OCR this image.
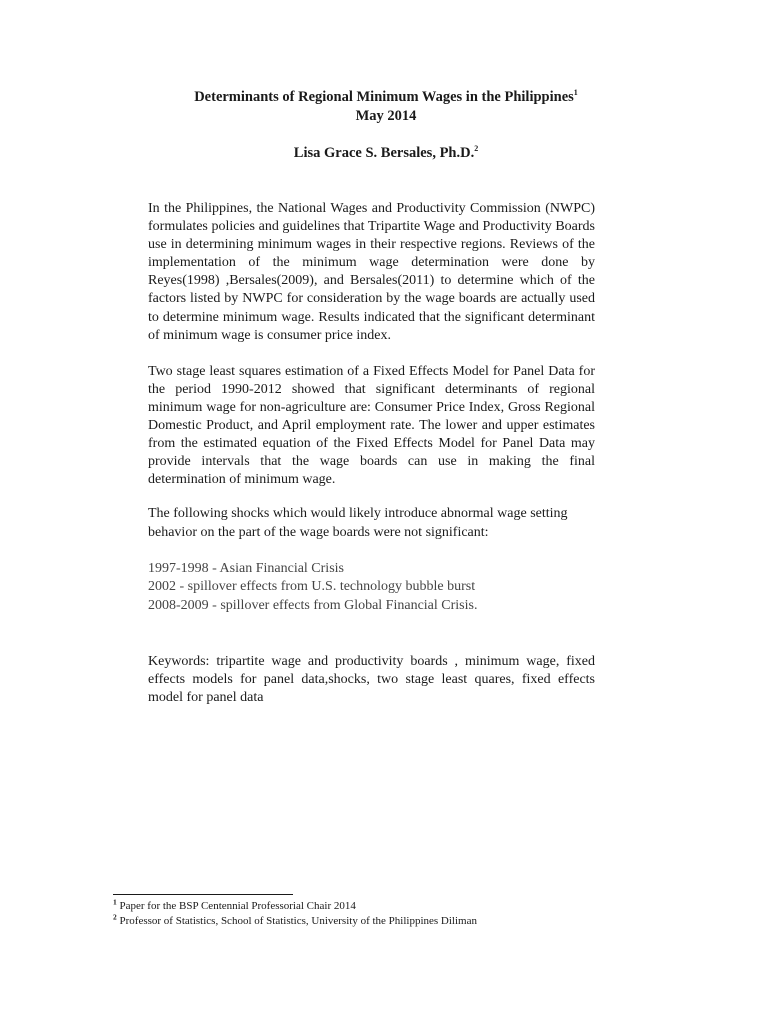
Determinants of Regional Minimum Wages in the Philippines$^1$
May 2014
Lisa Grace S. Bersales, Ph.D.$^2$

In the Philippines, the National Wages and Productivity Commission (NWPC) formulates policies and guidelines that Tripartite Wage and Productivity Boards use in determining minimum wages in their respective regions. Reviews of the implementation of the minimum wage determination were done by Reyes(1998) ,Bersales(2009), and Bersales(2011) to determine which of the factors listed by NWPC for consideration by the wage boards are actually used to determine minimum wage. Results indicated that the significant determinant of minimum wage is consumer price index.

Two stage least squares estimation of a Fixed Effects Model for Panel Data for the period 1990-2012 showed that significant determinants of regional minimum wage for non-agriculture are: Consumer Price Index, Gross Regional Domestic Product, and April employment rate. The lower and upper estimates from the estimated equation of the Fixed Effects Model for Panel Data may provide intervals that the wage boards can use in making the final determination of minimum wage.

The following shocks which would likely introduce abnormal wage setting behavior on the part of the wage boards were not significant:

1997-1998 - Asian Financial Crisis
2002 - spillover effects from U.S. technology bubble burst
2008-2009 - spillover effects from Global Financial Crisis.

Keywords: tripartite wage and productivity boards , minimum wage, fixed effects models for panel data,shocks, two stage least quares, fixed effects model for panel data

$^1$ Paper for the BSP Centennial Professorial Chair 2014
$^2$ Professor of Statistics, School of Statistics, University of the Philippines Diliman
